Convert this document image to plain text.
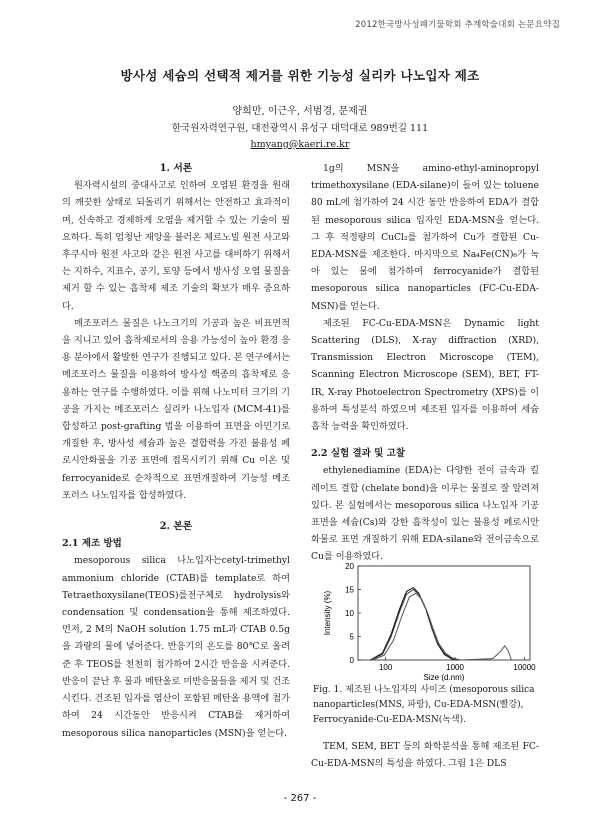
2012한국방사성폐기물학회 추계학술대회 논문요약집
방사성 세슘의 선택적 제거를 위한 기능성 실리카 나노입자 제조
양희만, 이근우, 서범경, 문제권
한국원자력연구원, 대전광역시 유성구 대덕대로 989번길 111
hmyang@kaeri.re.kr

1. 서론

원자력시설의 중대사고로 인하여 오염된 환경을 원래의 깨끗한 상태로 되돌리기 위해서는 안전하고 효과적이며, 신속하고 경제하게 오염을 제거할 수 있는 기술이 필요하다. 특히 엄청난 재앙을 불러온 체르노빌 원전 사고와 후쿠시마 원전 사고와 같은 원전 사고를 대비하기 위해서는 지하수, 지표수, 공기, 토양 등에서 방사성 오염 물질을 제거 할 수 있는 흡착제 제조 기술의 확보가 매우 중요하다.

메조포러스 물질은 나노크기의 기공과 높은 비표면적을 지니고 있어 흡착제로서의 응용 가능성이 높아 환경 응용 분야에서 활발한 연구가 진행되고 있다. 본 연구에서는 메조포러스 물질을 이용하여 방사성 핵종의 흡착제로 응용하는 연구를 수행하였다. 이를 위해 나노미터 크기의 기공을 가지는 메조포러스 실리카 나노입자 (MCM-41)를 합성하고 post-grafting 법을 이용하여 표면을 아민기로 개질한 후, 방사성 세슘과 높은 결합력을 가진 불용성 페로시안화물을 기공 표면에 접목시키기 위해 Cu 이온 및 ferrocyanide로 순차적으로 표면개질하여 기능성 메조포러스 나노입자를 합성하였다.

2. 본론

2.1 제조 방법

mesoporous silica 나노입자는cetyl-trimethyl ammonium chloride (CTAB)를 template로 하여 Tetraethoxysilane(TEOS)를전구체로 hydrolysis와 condensation 및 condensation을 통해 제조하였다. 먼저, 2 M의 NaOH solution 1.75 mL과 CTAB 0.5g을 과량의 물에 넣어준다. 반응기의 온도를 80℃로 올려준 후 TEOS를 천천히 첨가하여 2시간 반응을 시켜준다. 반응이 끝난 후 물과 메탄올로 미반응물들을 제거 및 건조시킨다. 건조된 입자를 염산이 포함된 메탄올 용액에 첨가하여 24 시간동안 반응시켜 CTAB를 제거하여 mesoporous silica nanoparticles (MSN)을 얻는다.

1g의 MSN을 amino-ethyl-aminopropyl trimethoxysilane (EDA-silane)이 들어 있는 toluene 80 mL에 첨가하여 24 시간 동안 반응하여 EDA가 결합된 mesoporous silica 입자인 EDA-MSN을 얻는다. 그 후 적정량의 CuCl₂를 첨가하여 Cu가 결합된 Cu-EDA-MSN를 제조한다. 마지막으로 Na₄Fe(CN)₆가 녹아 있는 물에 첨가하여 ferrocyanide가 결합된 mesoporous silica nanoparticles (FC-Cu-EDA-MSN)를 얻는다.

제조된 FC-Cu-EDA-MSN은 Dynamic light Scattering (DLS), X-ray diffraction (XRD), Transmission Electron Microscope (TEM), Scanning Electron Microscope (SEM), BET, FT-IR, X-ray Photoelectron Spectrometry (XPS)를 이용하여 특성분석 하였으며 제조된 입자를 이용하여 세슘 흡착 능력을 확인하였다.

2.2 실험 결과 및 고찰

ethylenediamine (EDA)는 다양한 전이 금속과 킬레이트 결합 (chelate bond)을 이루는 물질로 잘 알려져 있다. 본 실험에서는 mesoporous silica 나노입자 기공 표면을 세슘(Cs)와 강한 흡착성이 있는 불용성 페로시안화물로 표면 개질하기 위해 EDA-silane와 전이금속으로 Cu를 이용하였다.

0
5
10
15
20
100	1000	10000
Size (d.nm)
Intensity (%)
Fig. 1. 제조된 나노입자의 사이즈 (mesoporous silica nanoparticles(MNS, 파랑), Cu-EDA-MSN(빨강), Ferrocyanide-Cu-EDA-MSN(녹색).

TEM, SEM, BET 등의 화학분석을 통해 제조된 FC-Cu-EDA-MSN의 특성을 하였다. 그림 1은 DLS

- 267 -
